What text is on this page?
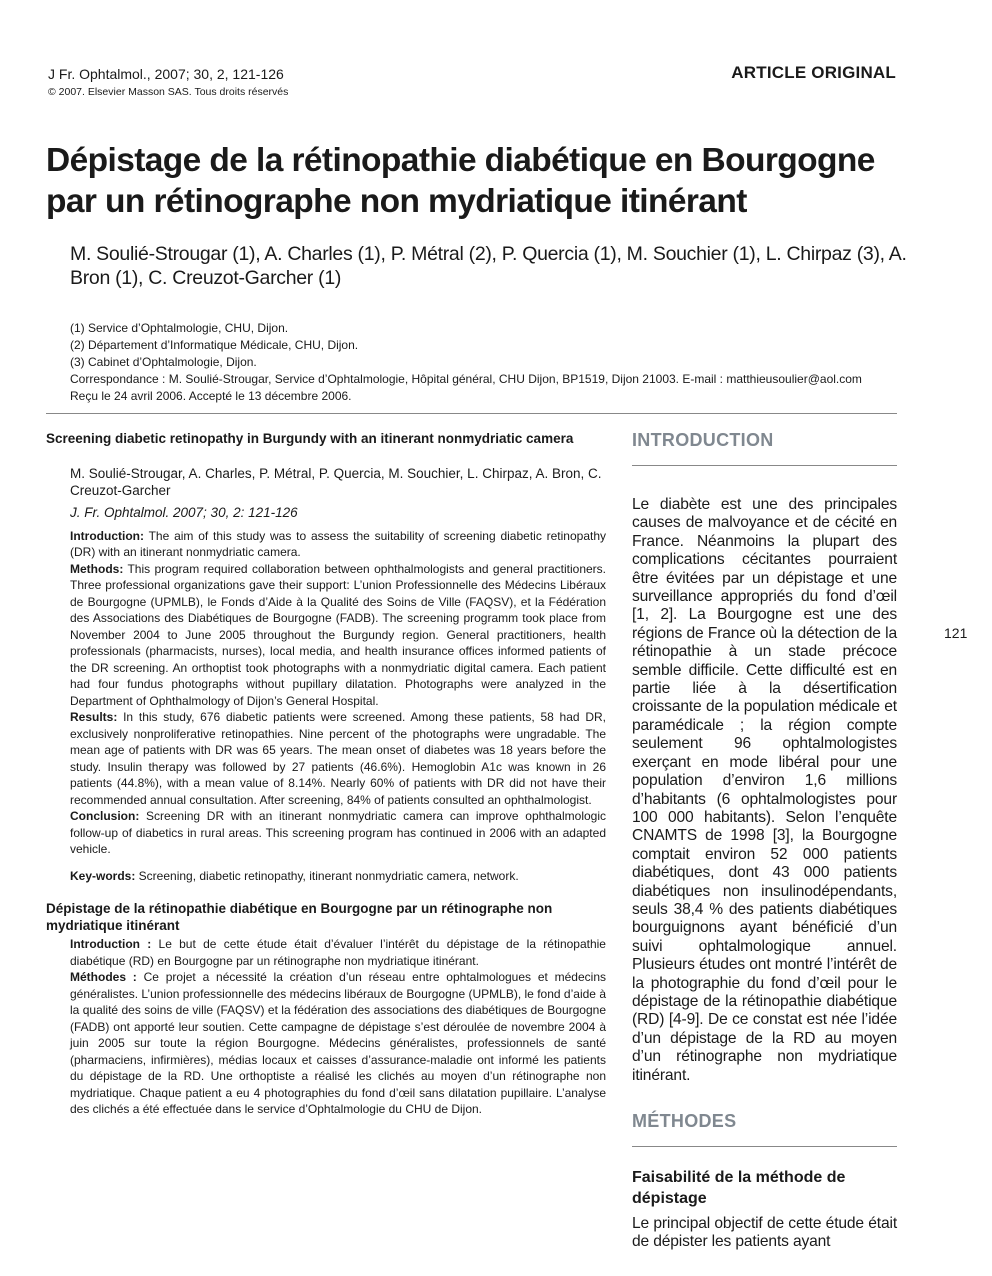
J Fr. Ophtalmol., 2007; 30, 2, 121-126
© 2007. Elsevier Masson SAS. Tous droits réservés
ARTICLE ORIGINAL
Dépistage de la rétinopathie diabétique en Bourgogne par un rétinographe non mydriatique itinérant
M. Soulié-Strougar (1), A. Charles (1), P. Métral (2), P. Quercia (1), M. Souchier (1), L. Chirpaz (3), A. Bron (1), C. Creuzot-Garcher (1)
(1) Service d’Ophtalmologie, CHU, Dijon.
(2) Département d’Informatique Médicale, CHU, Dijon.
(3) Cabinet d’Ophtalmologie, Dijon.
Correspondance : M. Soulié-Strougar, Service d’Ophtalmologie, Hôpital général, CHU Dijon, BP1519, Dijon 21003. E-mail : matthieusoulier@aol.com
Reçu le 24 avril 2006. Accepté le 13 décembre 2006.
Screening diabetic retinopathy in Burgundy with an itinerant nonmydriatic camera
M. Soulié-Strougar, A. Charles, P. Métral, P. Quercia, M. Souchier, L. Chirpaz, A. Bron, C. Creuzot-Garcher
J. Fr. Ophtalmol. 2007; 30, 2: 121-126
Introduction: The aim of this study was to assess the suitability of screening diabetic retinopathy (DR) with an itinerant nonmydriatic camera.
Methods: This program required collaboration between ophthalmologists and general practitioners. Three professional organizations gave their support: L’union Professionnelle des Médecins Libéraux de Bourgogne (UPMLB), le Fonds d’Aide à la Qualité des Soins de Ville (FAQSV), et la Fédération des Associations des Diabétiques de Bourgogne (FADB). The screening programm took place from November 2004 to June 2005 throughout the Burgundy region. General practitioners, health professionals (pharmacists, nurses), local media, and health insurance offices informed patients of the DR screening. An orthoptist took photographs with a nonmydriatic digital camera. Each patient had four fundus photographs without pupillary dilatation. Photographs were analyzed in the Department of Ophthalmology of Dijon’s General Hospital.
Results: In this study, 676 diabetic patients were screened. Among these patients, 58 had DR, exclusively nonproliferative retinopathies. Nine percent of the photographs were ungradable. The mean age of patients with DR was 65 years. The mean onset of diabetes was 18 years before the study. Insulin therapy was followed by 27 patients (46.6%). Hemoglobin A1c was known in 26 patients (44.8%), with a mean value of 8.14%. Nearly 60% of patients with DR did not have their recommended annual consultation. After screening, 84% of patients consulted an ophthalmologist.
Conclusion: Screening DR with an itinerant nonmydriatic camera can improve ophthalmologic follow-up of diabetics in rural areas. This screening program has continued in 2006 with an adapted vehicle.
Key-words: Screening, diabetic retinopathy, itinerant nonmydriatic camera, network.
Dépistage de la rétinopathie diabétique en Bourgogne par un rétinographe non mydriatique itinérant
Introduction : Le but de cette étude était d’évaluer l’intérêt du dépistage de la rétinopathie diabétique (RD) en Bourgogne par un rétinographe non mydriatique itinérant.
Méthodes : Ce projet a nécessité la création d’un réseau entre ophtalmologues et médecins généralistes. L’union professionnelle des médecins libéraux de Bourgogne (UPMLB), le fond d’aide à la qualité des soins de ville (FAQSV) et la fédération des associations des diabétiques de Bourgogne (FADB) ont apporté leur soutien. Cette campagne de dépistage s’est déroulée de novembre 2004 à juin 2005 sur toute la région Bourgogne. Médecins généralistes, professionnels de santé (pharmaciens, infirmières), médias locaux et caisses d’assurance-maladie ont informé les patients du dépistage de la RD. Une orthoptiste a réalisé les clichés au moyen d’un rétinographe non mydriatique. Chaque patient a eu 4 photographies du fond d’œil sans dilatation pupillaire. L’analyse des clichés a été effectuée dans le service d’Ophtalmologie du CHU de Dijon.
INTRODUCTION
Le diabète est une des principales causes de malvoyance et de cécité en France. Néanmoins la plupart des complications cécitantes pourraient être évitées par un dépistage et une surveillance appropriés du fond d’œil [1, 2]. La Bourgogne est une des régions de France où la détection de la rétinopathie à un stade précoce semble difficile. Cette difficulté est en partie liée à la désertification croissante de la population médicale et paramédicale ; la région compte seulement 96 ophtalmologistes exerçant en mode libéral pour une population d’environ 1,6 millions d’habitants (6 ophtalmologistes pour 100 000 habitants). Selon l’enquête CNAMTS de 1998 [3], la Bourgogne comptait environ 52 000 patients diabétiques, dont 43 000 patients diabétiques non insulinodépendants, seuls 38,4 % des patients diabétiques bourguignons ayant bénéficié d’un suivi ophtalmologique annuel. Plusieurs études ont montré l’intérêt de la photographie du fond d’œil pour le dépistage de la rétinopathie diabétique (RD) [4-9]. De ce constat est née l’idée d’un dépistage de la RD au moyen d’un rétinographe non mydriatique itinérant.
MÉTHODES
Faisabilité de la méthode de dépistage
Le principal objectif de cette étude était de dépister les patients ayant
121
